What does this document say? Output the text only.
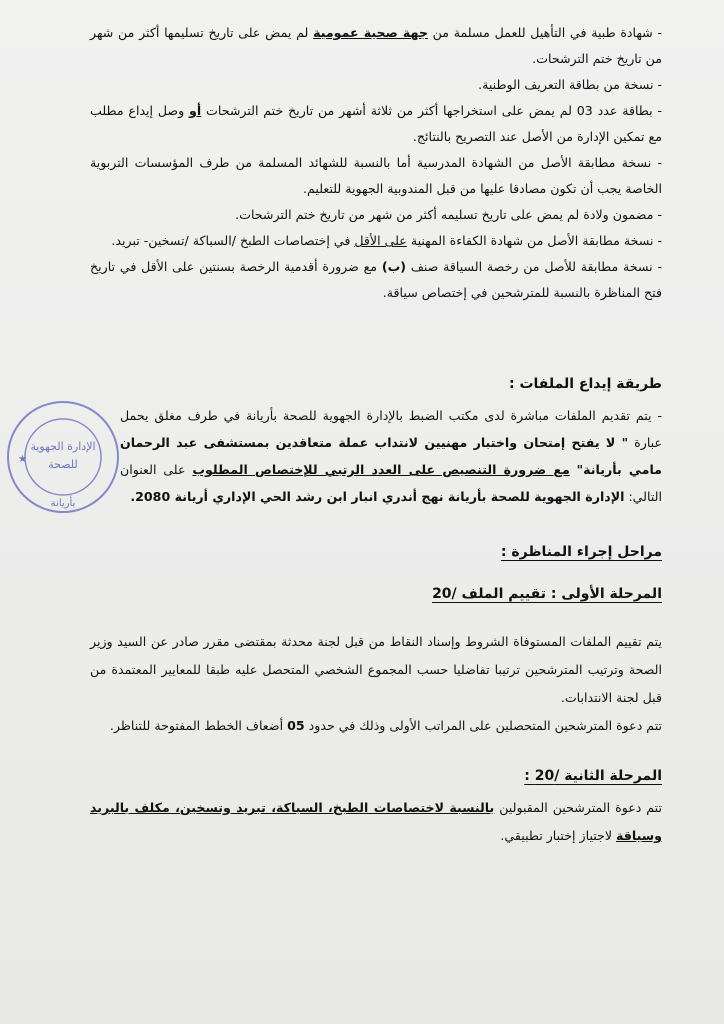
- شهادة طبية في التأهيل للعمل مسلمة من جهة صحية عمومية لم يمض على تاريخ تسليمها أكثر من شهر من تاريخ ختم الترشحات.

- نسخة من بطاقة التعريف الوطنية.

- بطاقة عدد 03 لم يمض على استخراجها أكثر من ثلاثة أشهر من تاريخ ختم الترشحات أو وصل إيداع مطلب مع تمكين الإدارة من الأصل عند التصريح بالنتائج.

- نسخة مطابقة الأصل من الشهادة المدرسية أما بالنسبة للشهائد المسلمة من طرف المؤسسات التربوية الخاصة يجب أن تكون مصادقا عليها من قبل المندوبية الجهوية للتعليم.

- مضمون ولادة لم يمض على تاريخ تسليمه أكثر من شهر من تاريخ ختم الترشحات.

- نسخة مطابقة الأصل من شهادة الكفاءة المهنية على الأقل في إختصاصات الطبخ /السباكة /تسخين- تبريد.

- نسخة مطابقة للأصل من رخصة السياقة صنف (ب) مع ضرورة أقدمية الرخصة بسنتين على الأقل في تاريخ فتح المناظرة بالنسبة للمترشحين في إختصاص سياقة.

طريقة إيداع الملفات :

- يتم تقديم الملفات مباشرة لدى مكتب الضبط بالإدارة الجهوية للصحة بأريانة في طرف مغلق يحمل عبارة " لا يفتح إمتحان واختبار مهنيين لانتداب عملة متعاقدين بمستشفى عبد الرحمان مامي بأريانة" مع ضرورة التنصيص على العدد الرتبي للإختصاص المطلوب على العنوان التالي: الإدارة الجهوية للصحة بأريانة نهج أندري انبار ابن رشد الحي الإداري أريانة 2080.

مراحل إجراء المناظرة :
المرحلة الأولى : تقييم الملف /20

يتم تقييم الملفات المستوفاة الشروط وإسناد النقاط من قبل لجنة محدثة بمقتضى مقرر صادر عن السيد وزير الصحة وترتيب المترشحين ترتيبا تفاضليا حسب المجموع الشخصي المتحصل عليه طبقا للمعايير المعتمدة من قبل لجنة الانتدابات.

تتم دعوة المترشحين المتحصلين على المراتب الأولى وذلك في حدود 05 أضعاف الخطط المفتوحة للتناظر.

المرحلة الثانية /20 :

تتم دعوة المترشحين المقبولين بالنسبة لاختصاصات الطبخ، السباكة، تبريد وتسخين، مكلف بالبريد وسياقة لاجتياز إختبار تطبيقي.

الإدارة الجهوية
للصحة
بأريانة
★
